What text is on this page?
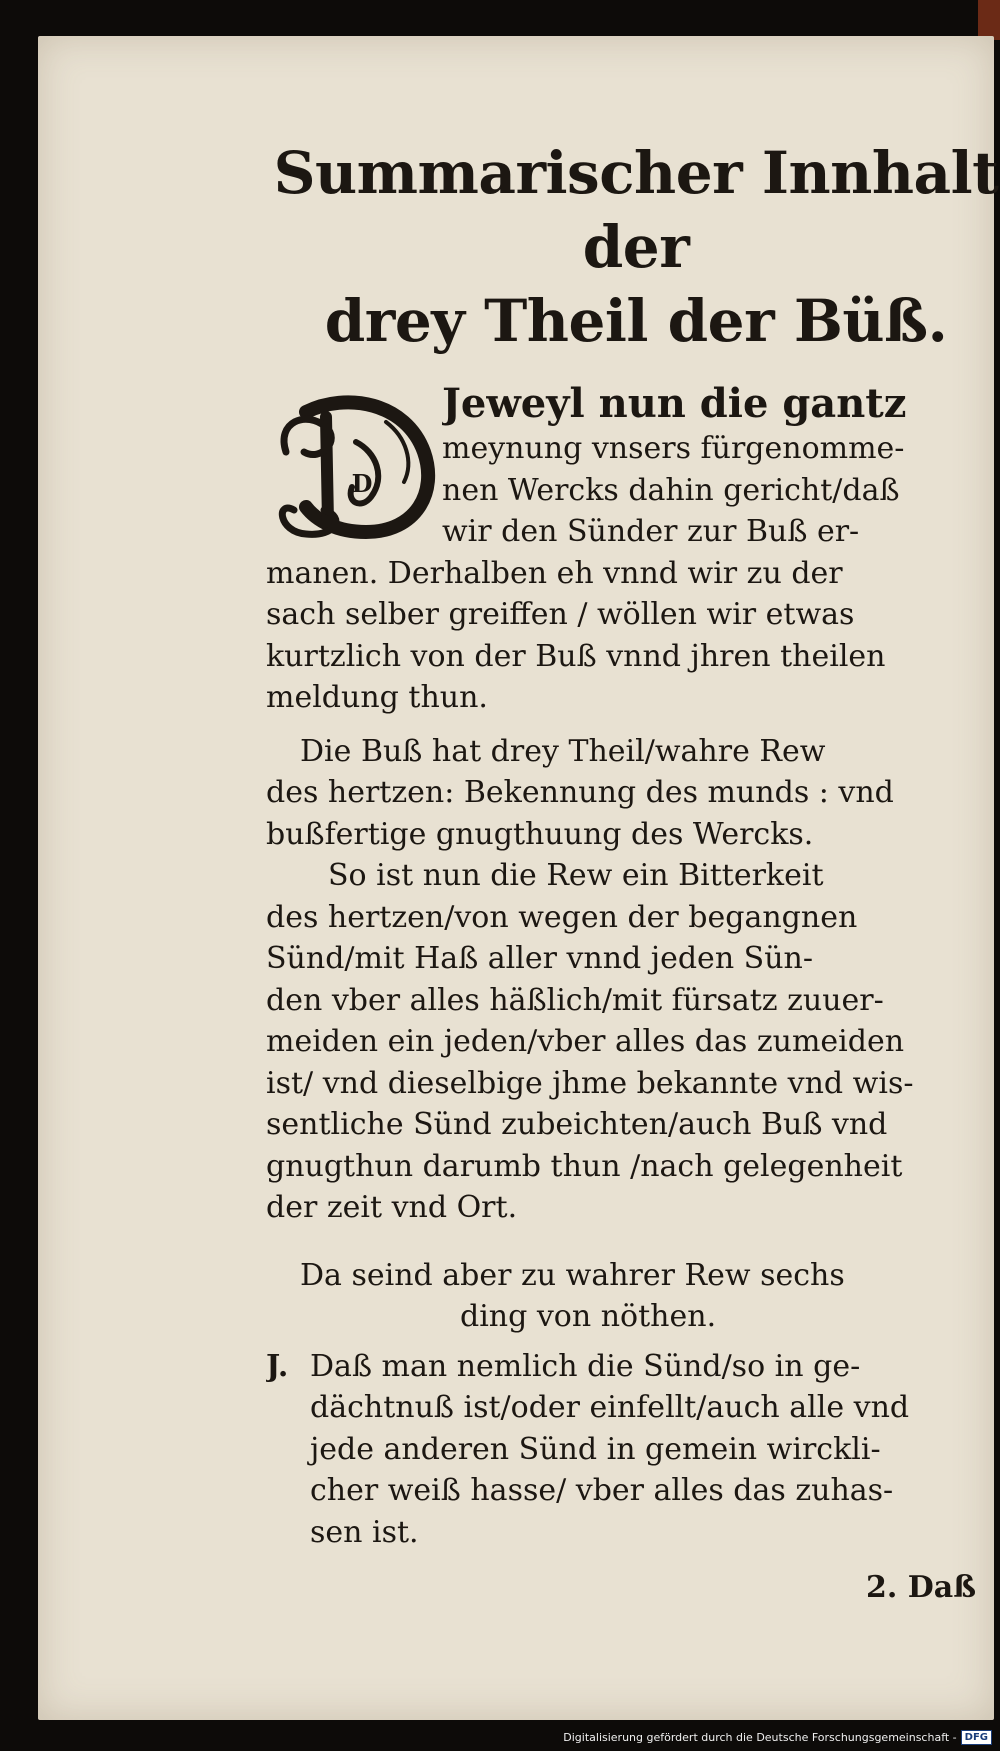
Summarischer Innhalt der
drey Theil der Büß.
D
Jeweyl nun die gantz
meynung vnsers fürgenomme-
nen Wercks dahin gericht/daß
wir den Sünder zur Buß er-
manen. Derhalben eh vnnd wir zu der
sach selber greiffen / wöllen wir etwas
kurtzlich von der Buß vnnd jhren theilen
meldung thun.
Die Buß hat drey Theil/wahre Rew
des hertzen: Bekennung des munds : vnd
bußfertige gnugthuung des Wercks.
So ist nun die Rew ein Bitterkeit
des hertzen/von wegen der begangnen
Sünd/mit Haß aller vnnd jeden Sün-
den vber alles häßlich/mit fürsatz zuuer-
meiden ein jeden/vber alles das zumeiden
ist/ vnd dieselbige jhme bekannte vnd wis-
sentliche Sünd zubeichten/auch Buß vnd
gnugthun darumb thun /nach gelegenheit
der zeit vnd Ort.
Da seind aber zu wahrer Rew sechs
ding von nöthen.
J. Daß man nemlich die Sünd/so in ge-
dächtnuß ist/oder einfellt/auch alle vnd
jede anderen Sünd in gemein wirckli-
cher weiß hasse/ vber alles das zuhas-
sen ist.
2. Daß
Digitalisierung gefördert durch die Deutsche Forschungsgemeinschaft - DFG
